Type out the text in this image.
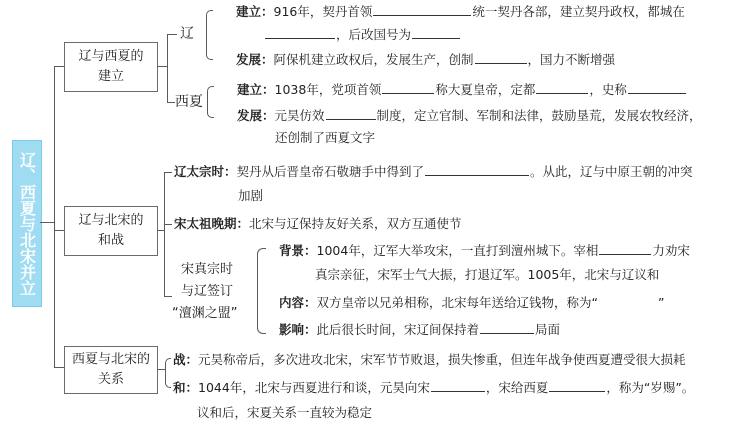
辽、西夏与北宋并立
辽与西夏的建立
辽
建立：916年，契丹首领	统一契丹各部，建立契丹政权，都城在
，后改国号为
发展：阿保机建立政权后，发展生产，创制	，国力不断增强
西夏
建立：1038年，党项首领	称大夏皇帝，定都	，史称
发展：元昊仿效	制度，定立官制、军制和法律，鼓励垦荒，发展农牧经济，
还创制了西夏文字
辽与北宋的和战
辽太宗时：契丹从后晋皇帝石敬瑭手中得到了	。从此，辽与中原王朝的冲突
加剧
宋太祖晚期：北宋与辽保持友好关系，双方互通使节
宋真宗时
与辽签订
“澶渊之盟”
背景：1004年，辽军大举攻宋，一直打到澶州城下。宰相	力劝宋
真宗亲征，宋军士气大振，打退辽军。1005年，北宋与辽议和
内容：双方皇帝以兄弟相称，北宋每年送给辽钱物，称为“	”
影响：此后很长时间，宋辽间保持着	局面
西夏与北宋的关系
战：元昊称帝后，多次进攻北宋，宋军节节败退，损失惨重，但连年战争使西夏遭受很大损耗
和：1044年，北宋与西夏进行和谈，元昊向宋	，宋给西夏	，称为“岁赐”。
议和后，宋夏关系一直较为稳定
